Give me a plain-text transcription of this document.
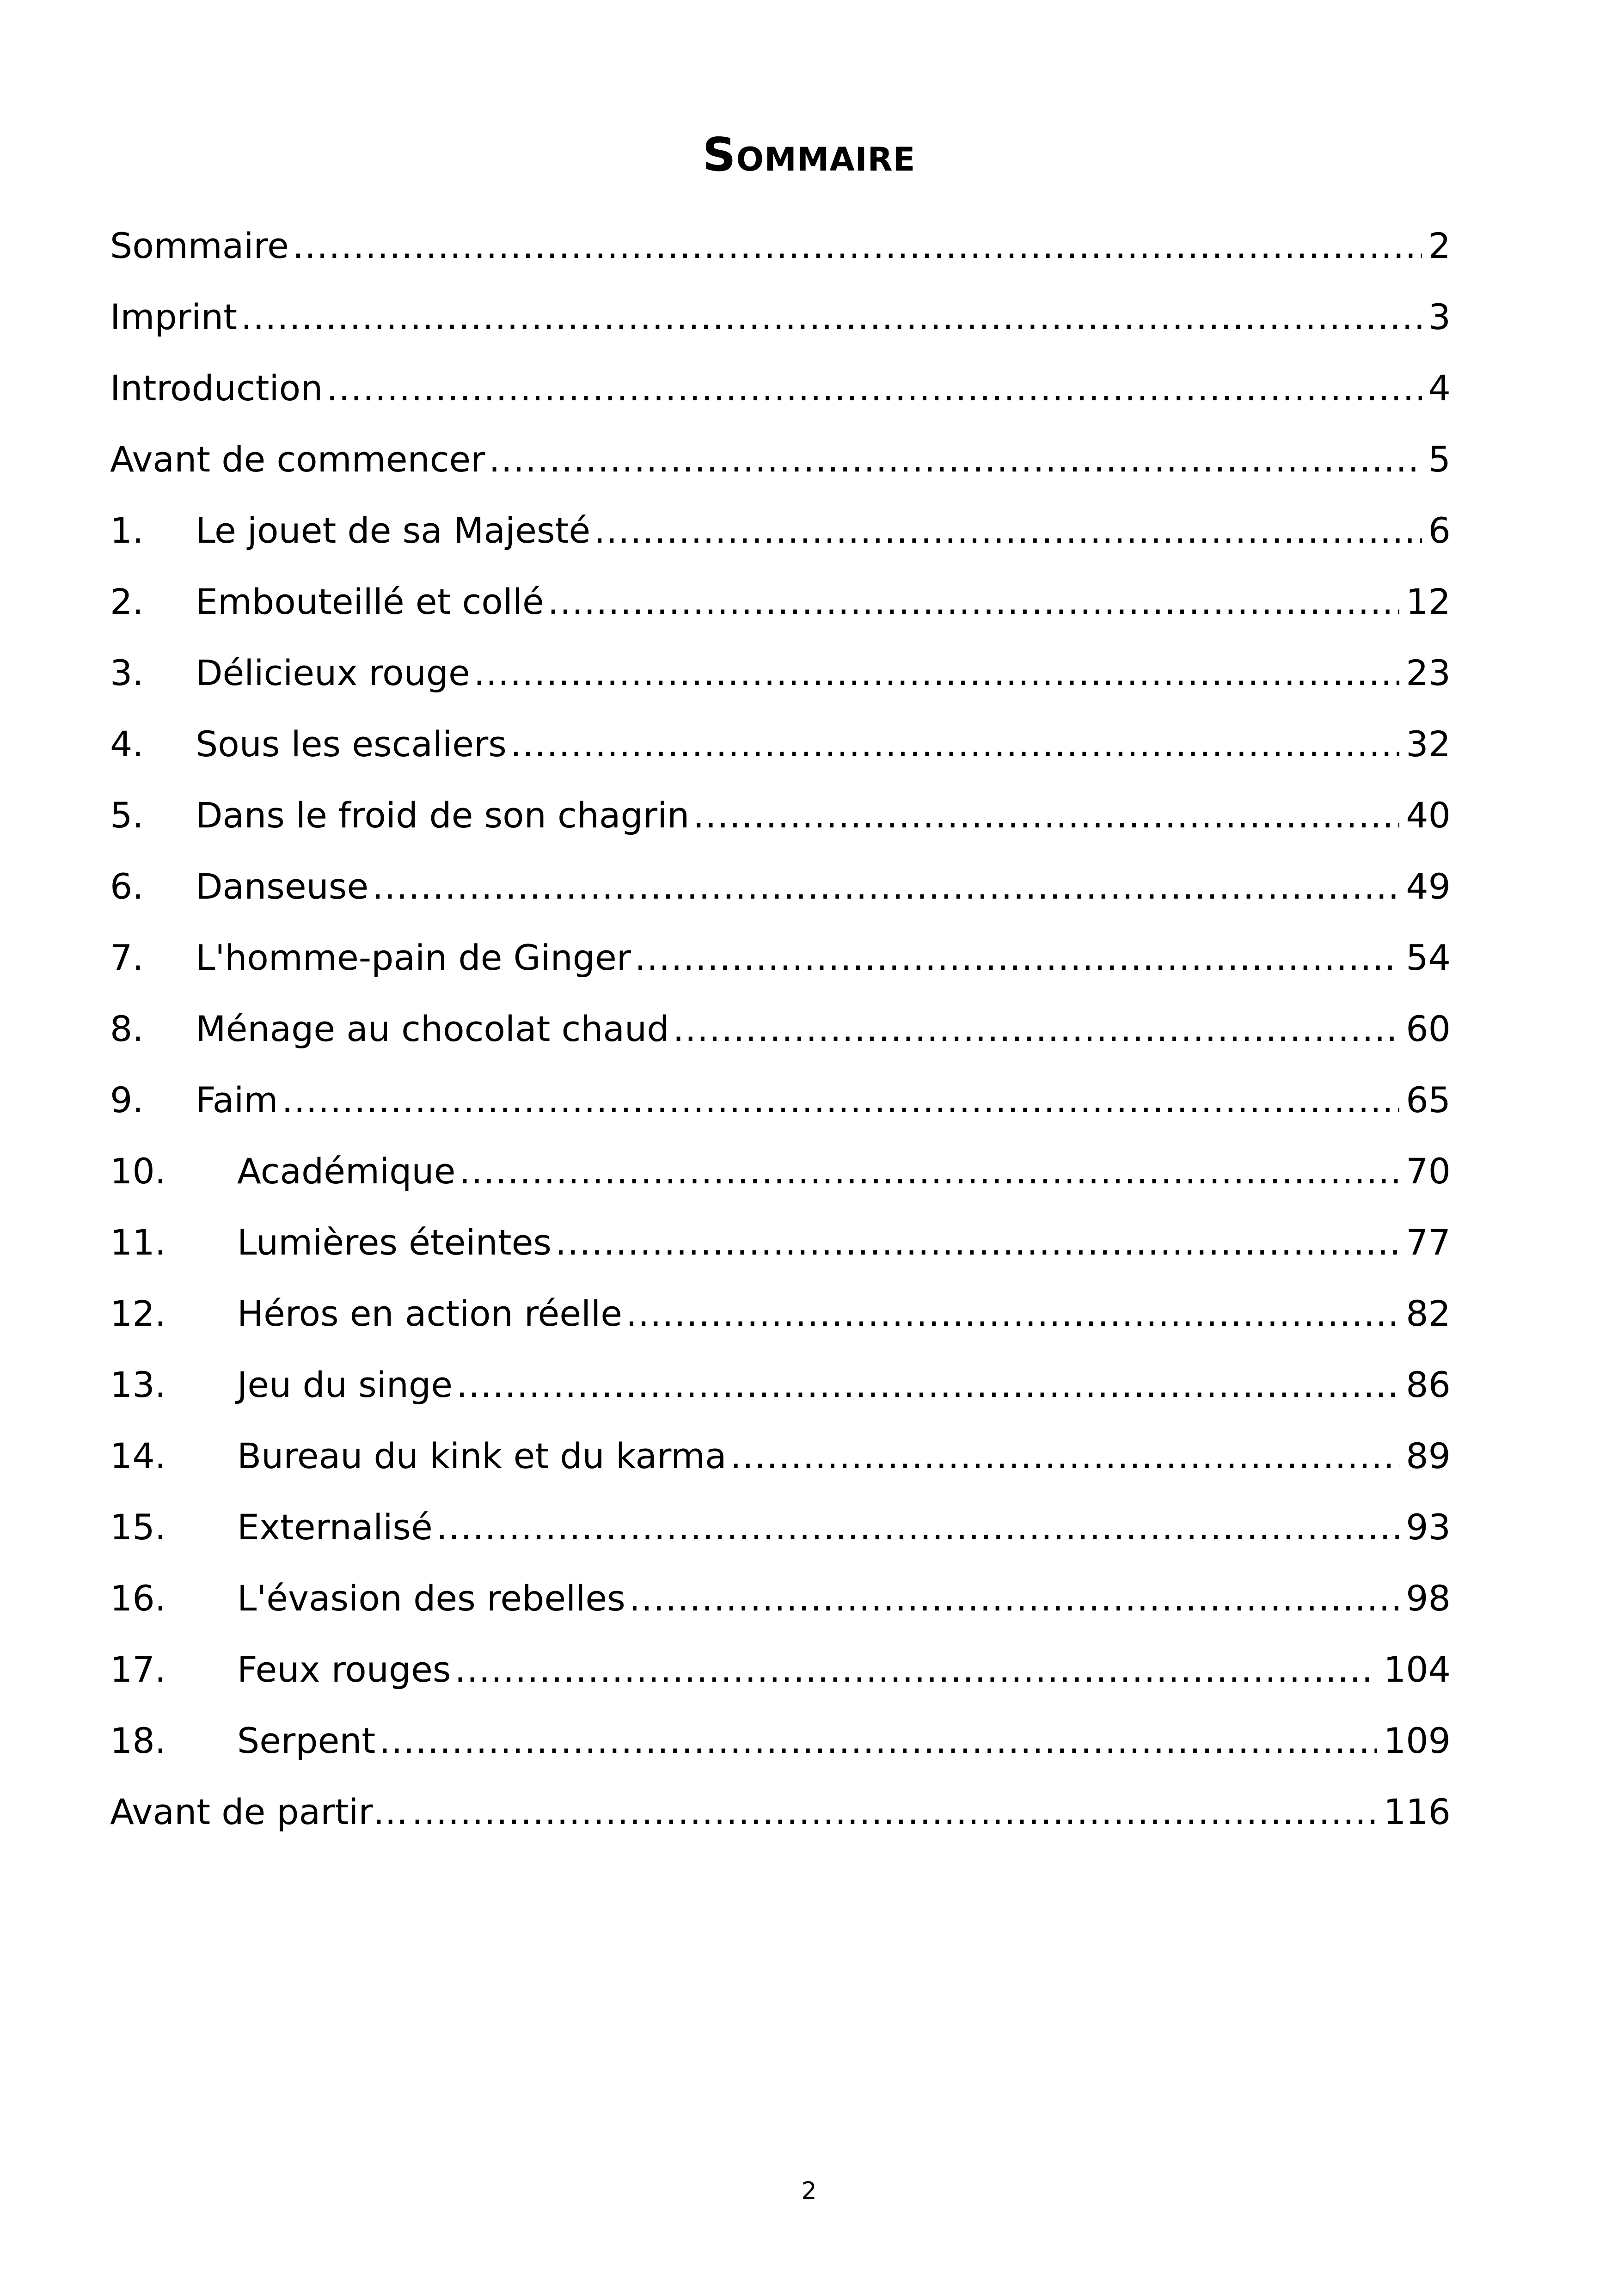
Sommaire
Sommaire .....	2
Imprint .....	3
Introduction .....	4
Avant de commencer .....	5
1.	Le jouet de sa Majesté .....	6
2.	Embouteillé et collé .....	12
3.	Délicieux rouge .....	23
4.	Sous les escaliers .....	32
5.	Dans le froid de son chagrin .....	40
6.	Danseuse .....	49
7.	L'homme-pain de Ginger .....	54
8.	Ménage au chocolat chaud .....	60
9.	Faim .....	65
10.	Académique .....	70
11.	Lumières éteintes .....	77
12.	Héros en action réelle .....	82
13.	Jeu du singe .....	86
14.	Bureau du kink et du karma .....	89
15.	Externalisé .....	93
16.	L'évasion des rebelles .....	98
17.	Feux rouges .....	104
18.	Serpent .....	109
Avant de partir… .....	116
2
